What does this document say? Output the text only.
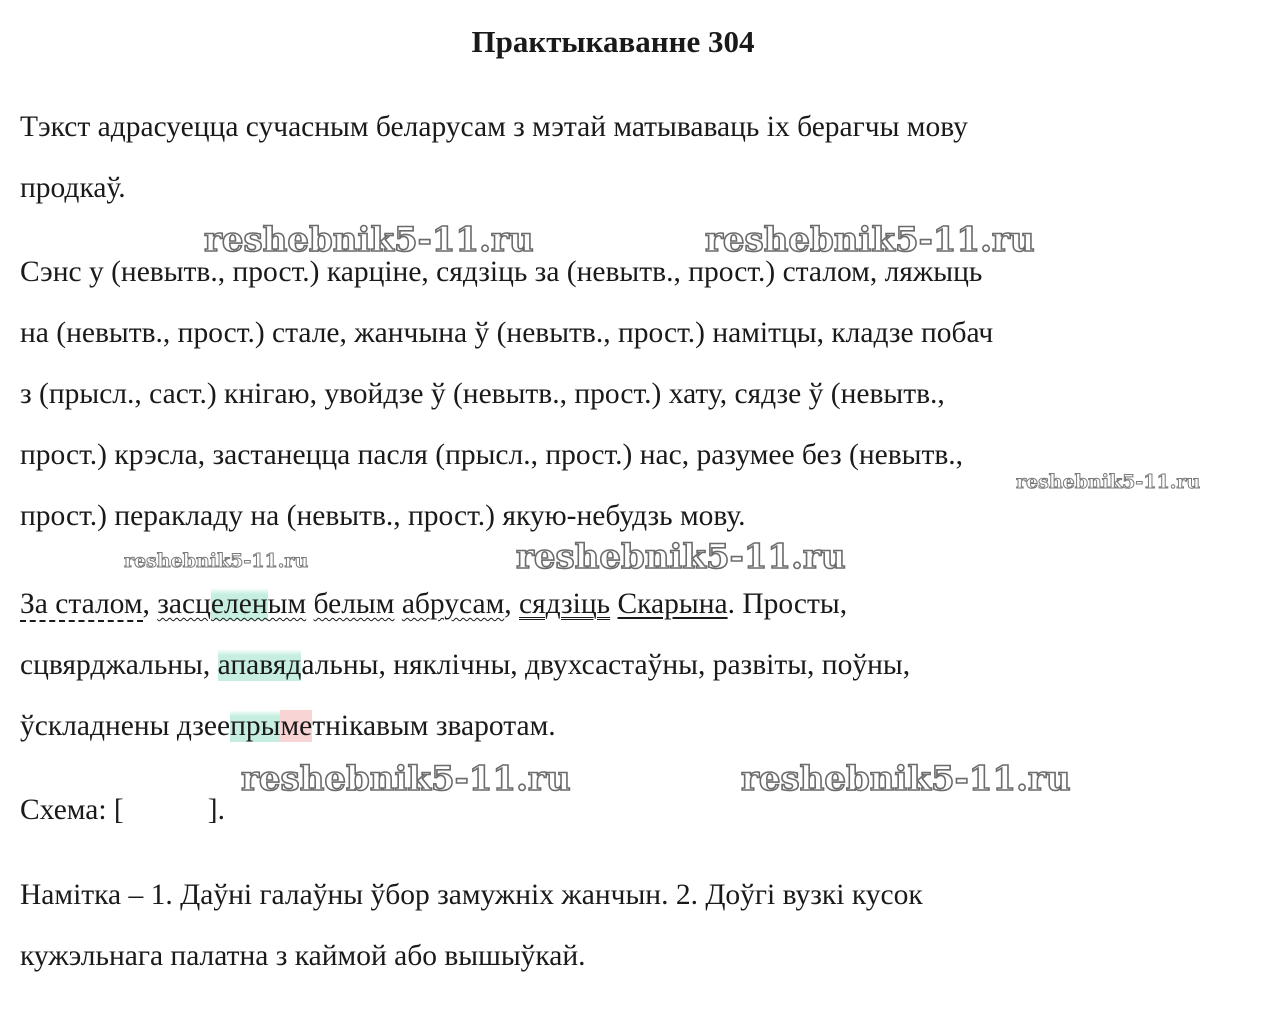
Практыкаванне 304

Тэкст адрасуецца сучасным беларусам з мэтай матываваць іх берагчы мову
продкаў.

Сэнс у (невытв., прост.) карціне, сядзіць за (невытв., прост.) сталом, ляжыць
на (невытв., прост.) стале, жанчына ў (невытв., прост.) намітцы, кладзе побач
з (прысл., саст.) кнігаю, увойдзе ў (невытв., прост.) хату, сядзе ў (невытв.,
прост.) крэсла, застанецца пасля (прысл., прост.) нас, разумее без (невытв.,
прост.) перакладу на (невытв., прост.) якую-небудзь мову.

За сталом, засцеленым белым абрусам, сядзіць Скарына. Просты,
сцвярджальны, апавядальны, няклічны, двухсастаўны, развіты, поўны,
ўскладнены дзеепрыметнікавым зваротам.

Схема: [	].

Намітка – 1. Даўні галаўны ўбор замужніх жанчын. 2. Доўгі вузкі кусок
кужэльнага палатна з каймой або вышыўкай.

reshebnik5-11.ru	reshebnik5-11.ru
reshebnik5-11.ru
reshebnik5-11.ru	reshebnik5-11.ru
reshebnik5-11.ru	reshebnik5-11.ru
